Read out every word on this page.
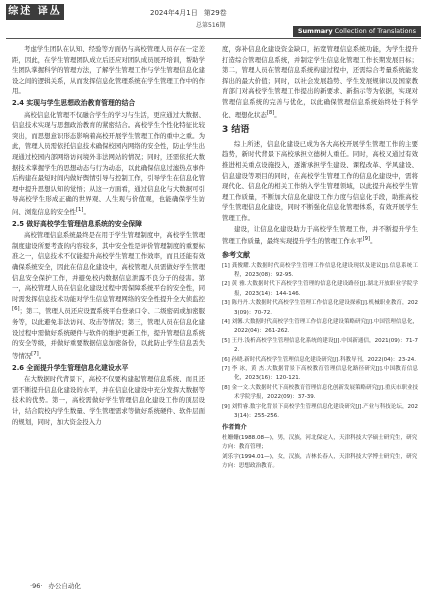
综述 译丛	2024年4月1日 第29卷
总第516期
Summary Collection of Translations

考虑学生团队在认知、经验等方面仍与高校管理人员存在一定差距，因此，在学生管理团队成立后还应对团队成员展开培训，帮助学生团队掌握科学的管理方法，了解学生管理工作与学生管理信息化建设之间的逻辑关系，从而发挥信息化管理系统在学生管理工作中的作用。

2.4 实现与学生思想政治教育管理的结合

高校信息化管理不仅融合学生的学习与生活，更应通过大数据、信息技术实现与思想政治教育的紧密结合。高校学生个性化特征比较突出，而思想意识形态影响着高校开展学生管理工作的重中之重。为此，管理人员需依托信息技术确保校园内网络的安全性，防止学生出现通过校园内部网络访问境外非法网站的情况；同时，还需依托大数据技术掌握学生的思想动态与行为动态，以此确保信息过滤热点事件后构建在最短时间内做好舆情引导与控制工作，引导学生在信息化管理中提升思想认知的觉悟；从这一方面看，通过信息化与大数据可引导高校学生形成正确的世界观、人生观与价值观，也能确保学生访问、浏览信息的安全性[1]。

2.5 做好高校学生管理信息系统的安全保障

高校管理信息系统最终是在用于学生管理制度中，高校学生管理制度建设所要考查的内容较多，其中安全性是评价管理制度的重要标准之一，信息技术不仅能提升高校学生管理工作效率，而且还能有效确保系统安全，因此在信息化建设中，高校管理人员需做好学生管理信息安全保护工作，并避免校内数据信息泄露不良分子的侵害。第一，高校管理人员在信息化建设过程中需保障系统平台的安全性，同时需发挥信息技术功能对学生信息管理网络的安全性提升全大侦监控[6]；第二，管理人员还应设置系统平台登录口令、二级密码或加密服务等，以此避免非法访问、攻击等情况；第三，管理人员在信息化建设过程中需做好系统硬件与软件的维护更新工作，提升管理信息系统的安全等级，并做好重要数据信息加密备份，以此防止学生信息丢失等情况[7]。

2.6 全面提升学生管理信息化建设水平

在大数据时代背景下，高校不仅要构建起管理信息系统、而且还需不断提升信息化建设的水平，并在信息化建设中充分发挥大数据等技术的优势。第一，高校需做好学生管理信息化建设工作的顶层设计，结合院校内学生数量、学生管理需求等做好系统硬件、软件层面的规划，同时，加大资金投入力

度，弥补信息化建设资金缺口，拓宽管理信息系统功能，为学生提升打造综合管理信息系统，并制定学生信息化管理工作长期发展目标；第二，管理人员在管理信息系统构建过程中，还需综合考量系统能发挥出的最大价值；同时，以社会发展趋势、学生发展规律以及国家教育部门对高校学生管理工作提出的新要求、新指示等为依据，实现对管理信息系统的完善与优化，以此确保管理信息系统始终处于科学化、理想化状态[8]。

3 结语

综上所述，信息化建设已成为各大高校开展学生管理工作的主要趋势，新时代背景下高校承担立德树人重任。同时，高校又通过有效推进相关重点设施投入，逐渐承担学生建设、课程改革、学风建设、信息建设等项目的同时，在高校学生管理工作的信息化建设中，需将现代化、信息化的相关工作纳入学生管理领域，以此提升高校学生管理工作质量，不断加大信息化建设工作力度与信息化手段，助推高校学生管理信息化建设，同时不断强化信息化管理体系，有效开展学生管理工作。

建设，让信息化建设助力于高校学生管理工作，并不断提升学生管理工作质量，最终实现提升学生的管理工作水平[9]。

参考文献

[1] 龚俊耀.大数据时代高校学生管理工作信息化建设现状及建议[J].信息系统工程，2023(08)：92-95.

[2] 黄 雅.大数据时代下高校学生管理的信息化建设路径[J].湖北开放职业学院学报，2023(14)：144-146.

[3] 陈丹丹.大数据时代高校学生管理工作信息化建设探索[J].机械职业教育，2023(09)：70-72.

[4] 刘馨.大数据时代高校学生管理工作信息化建设策略研究[J].中国管理信息化，2022(04)：261-262.

[5] 王丹.浅析高校学生管理信息化系统的建设[J].中国新通信，2021(09)：71-72.

[6] 孙晓.新时代高校学生管理信息化建设研究[J].科教导刊，2022(04)：23-24.

[7] 李 冰，黄 杰.大数据背景下高校教育管理信息化路径研究[J].中国教育信息化，2023(16)：120-121.

[8] 金一文.大数据时代下高校教育管理信息化创新发展策略研究[J].重庆市职业技术学院学报，2022(09)：37-39.

[9] 刘哲睿.数字化背景下高校学生管理信息化建设研究[J].产业与科技论坛，2023(14)：255-256.

作者简介

杜姗姗(1988.08—)，男，汉族，河北保定人，天津科技大学硕士研究生，研究方向：教育管理；

刘乐宇(1994.01—)，女，汉族，吉林长春人，天津科技大学博士研究生，研究方向：思想政治教育。

·96· 办公自动化
